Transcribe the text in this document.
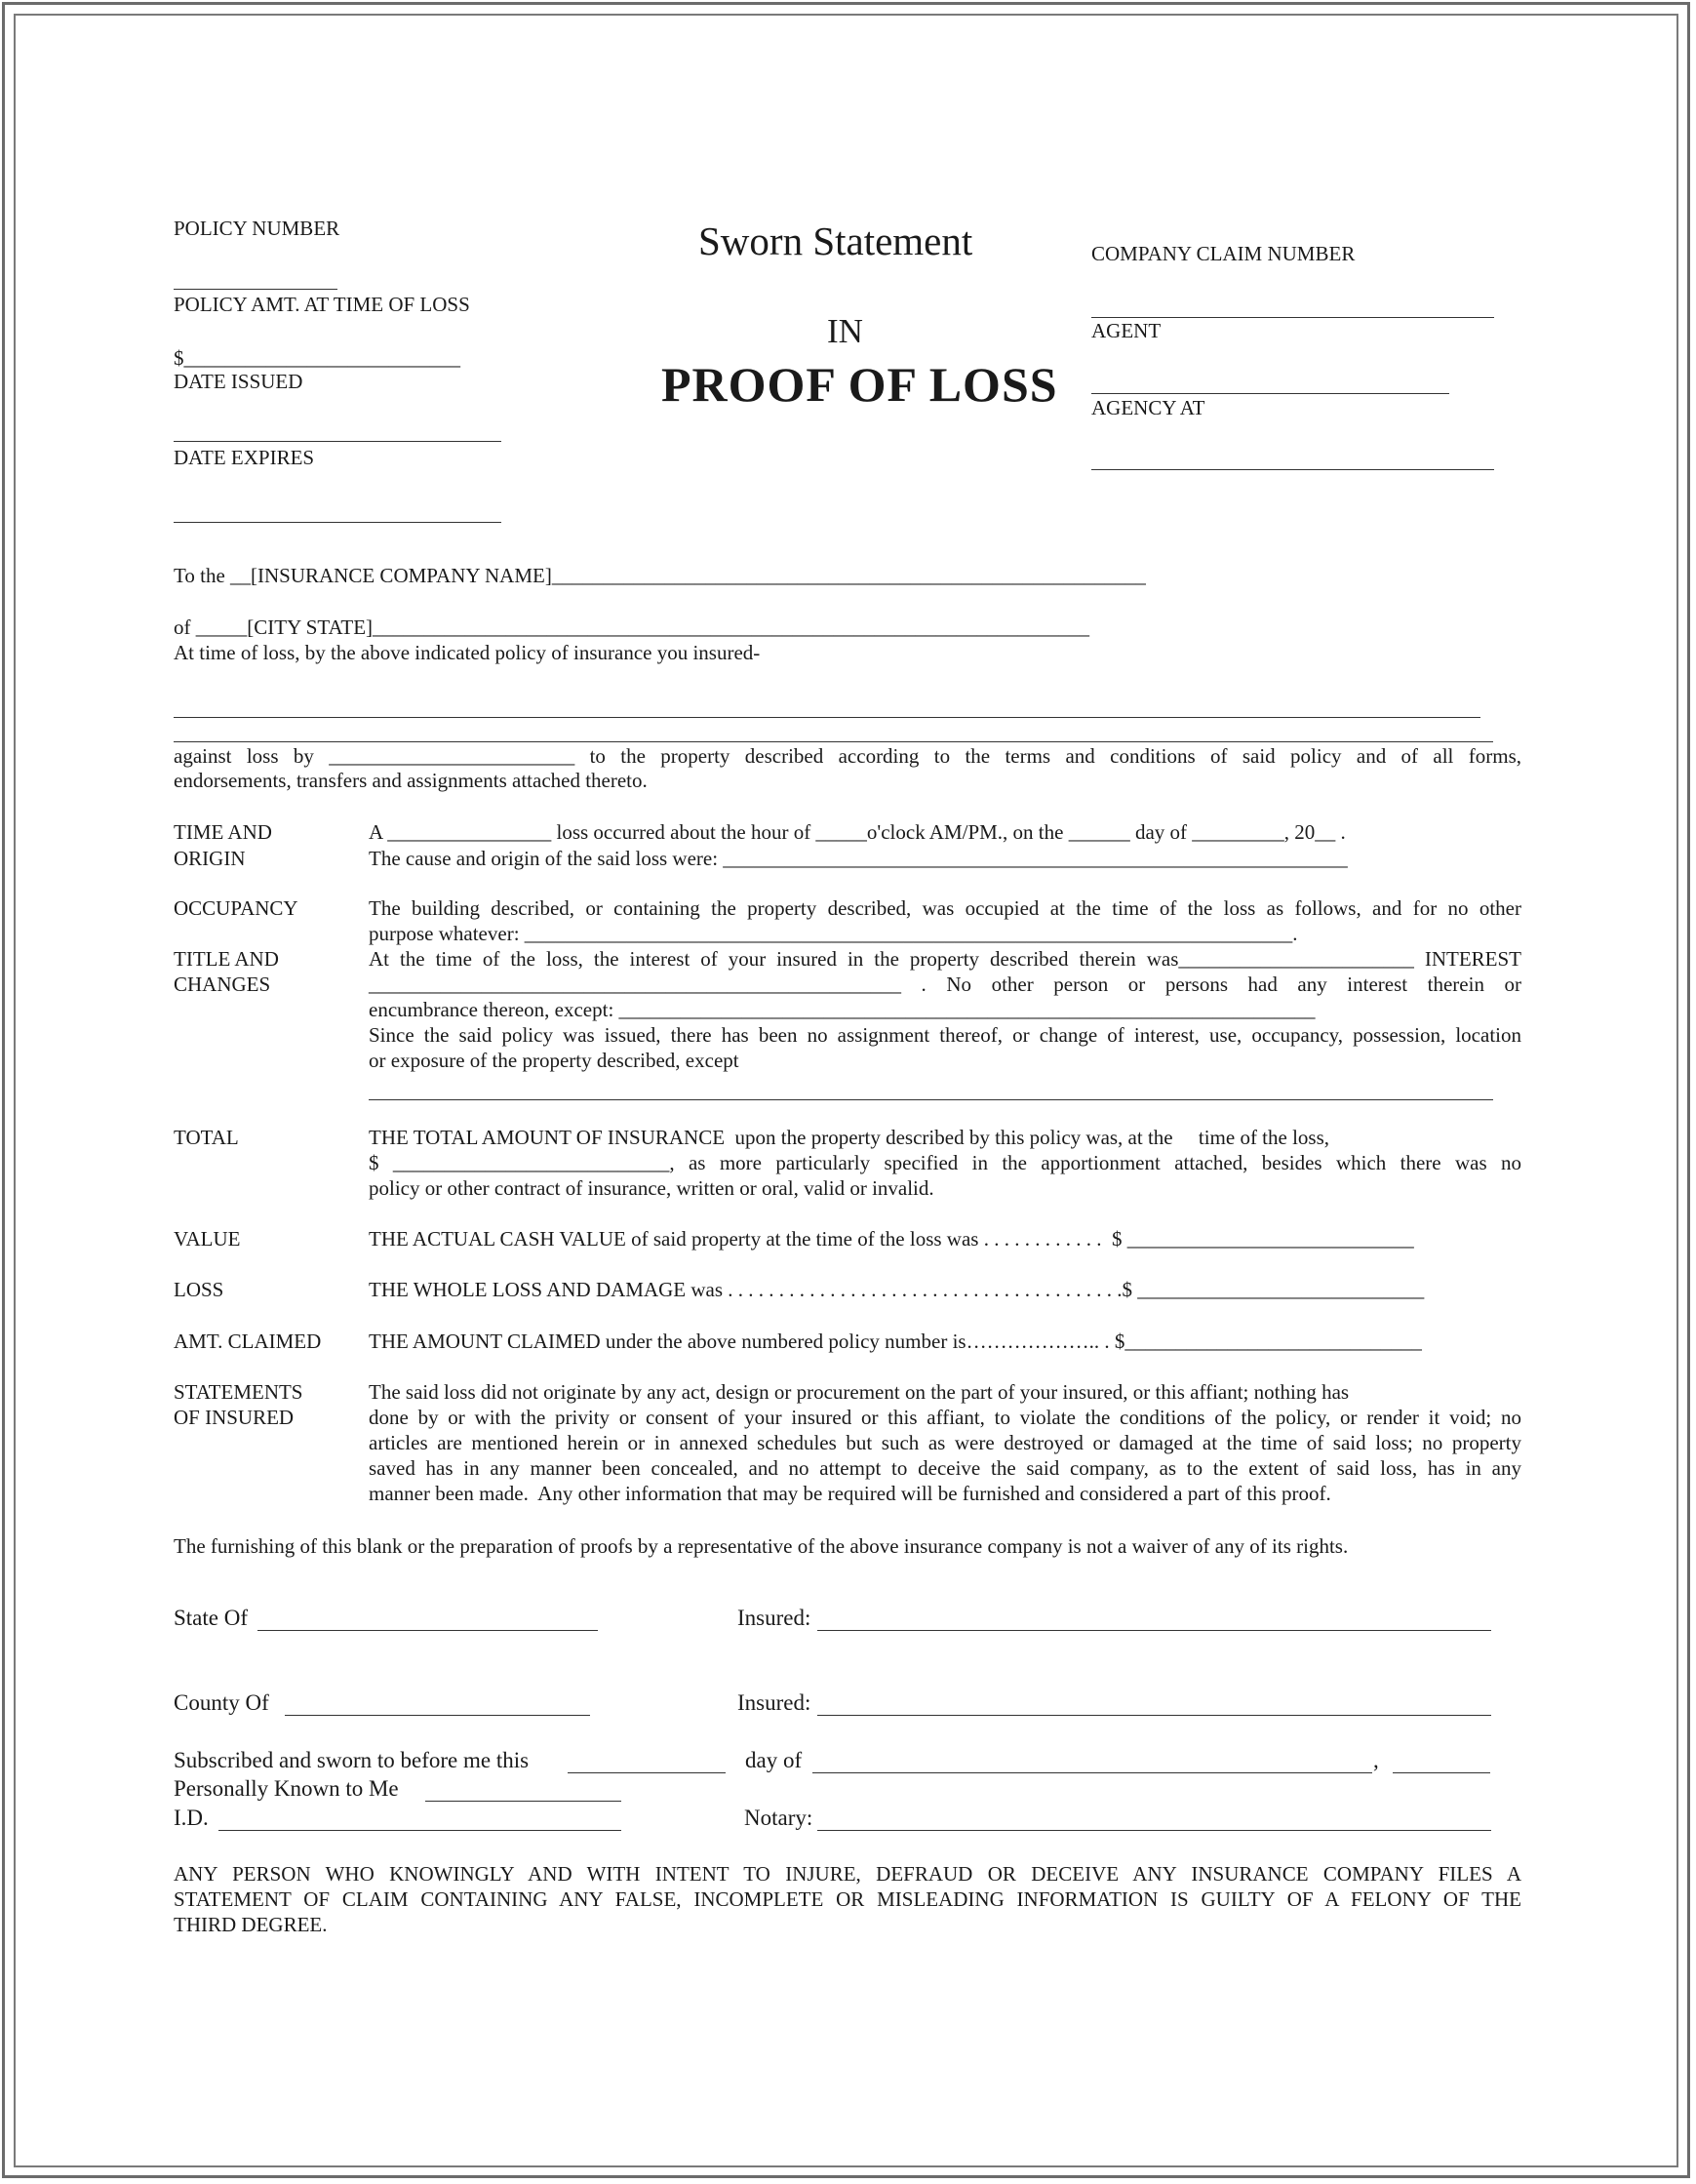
POLICY NUMBER
POLICY AMT. AT TIME OF LOSS
$___________________________
DATE ISSUED
DATE EXPIRES
Sworn Statement
IN
PROOF OF LOSS
COMPANY CLAIM NUMBER
AGENT
AGENCY AT
To the __[INSURANCE COMPANY NAME]__________________________________________________________
of _____[CITY STATE]______________________________________________________________________
At time of loss, by the above indicated policy of insurance you insured-
against loss by ________________________ to the property described according to the terms and conditions of said policy and of all forms,
endorsements, transfers and assignments attached thereto.
TIME AND
ORIGIN
A ________________ loss occurred about the hour of _____o'clock AM/PM., on the ______ day of _________, 20__ .
The cause and origin of the said loss were: _____________________________________________________________
OCCUPANCY	The building described, or containing the property described, was occupied at the time of the loss as follows, and for no other
purpose whatever: ___________________________________________________________________________.
TITLE AND
CHANGES
At the time of the loss, the interest of your insured in the property described therein was_______________________ INTEREST
____________________________________________________ . No other person or persons had any interest therein or
encumbrance thereon, except: ____________________________________________________________________
Since the said policy was issued, there has been no assignment thereof, or change of interest, use, occupancy, possession, location
or exposure of the property described, except
TOTAL	THE TOTAL AMOUNT OF INSURANCE  upon the property described by this policy was, at the     time of the loss,
$ ___________________________, as more particularly specified in the apportionment attached, besides which there was no
policy or other contract of insurance, written or oral, valid or invalid.
VALUE	THE ACTUAL CASH VALUE of said property at the time of the loss was . . . . . . . . . . . .  $ ____________________________
LOSS	THE WHOLE LOSS AND DAMAGE was . . . . . . . . . . . . . . . . . . . . . . . . . . . . . . . . . . . . . . .$ ____________________________
AMT. CLAIMED THE AMOUNT CLAIMED under the above numbered policy number is……………….. . $_____________________________
STATEMENTS
OF INSURED
The said loss did not originate by any act, design or procurement on the part of your insured, or this affiant; nothing has
done by or with the privity or consent of your insured or this affiant, to violate the conditions of the policy, or render it void; no
articles are mentioned herein or in annexed schedules but such as were destroyed or damaged at the time of said loss; no property
saved has in any manner been concealed, and no attempt to deceive the said company, as to the extent of said loss, has in any
manner been made.  Any other information that may be required will be furnished and considered a part of this proof.
The furnishing of this blank or the preparation of proofs by a representative of the above insurance company is not a waiver of any of its rights.
State Of	Insured:
County Of	Insured:
Subscribed and sworn to before me this	day of	,
Personally Known to Me
I.D.	Notary:
ANY PERSON WHO KNOWINGLY AND WITH INTENT TO INJURE, DEFRAUD OR DECEIVE ANY INSURANCE COMPANY FILES A
STATEMENT OF CLAIM CONTAINING ANY FALSE, INCOMPLETE OR MISLEADING INFORMATION IS GUILTY OF A FELONY OF THE
THIRD DEGREE.
